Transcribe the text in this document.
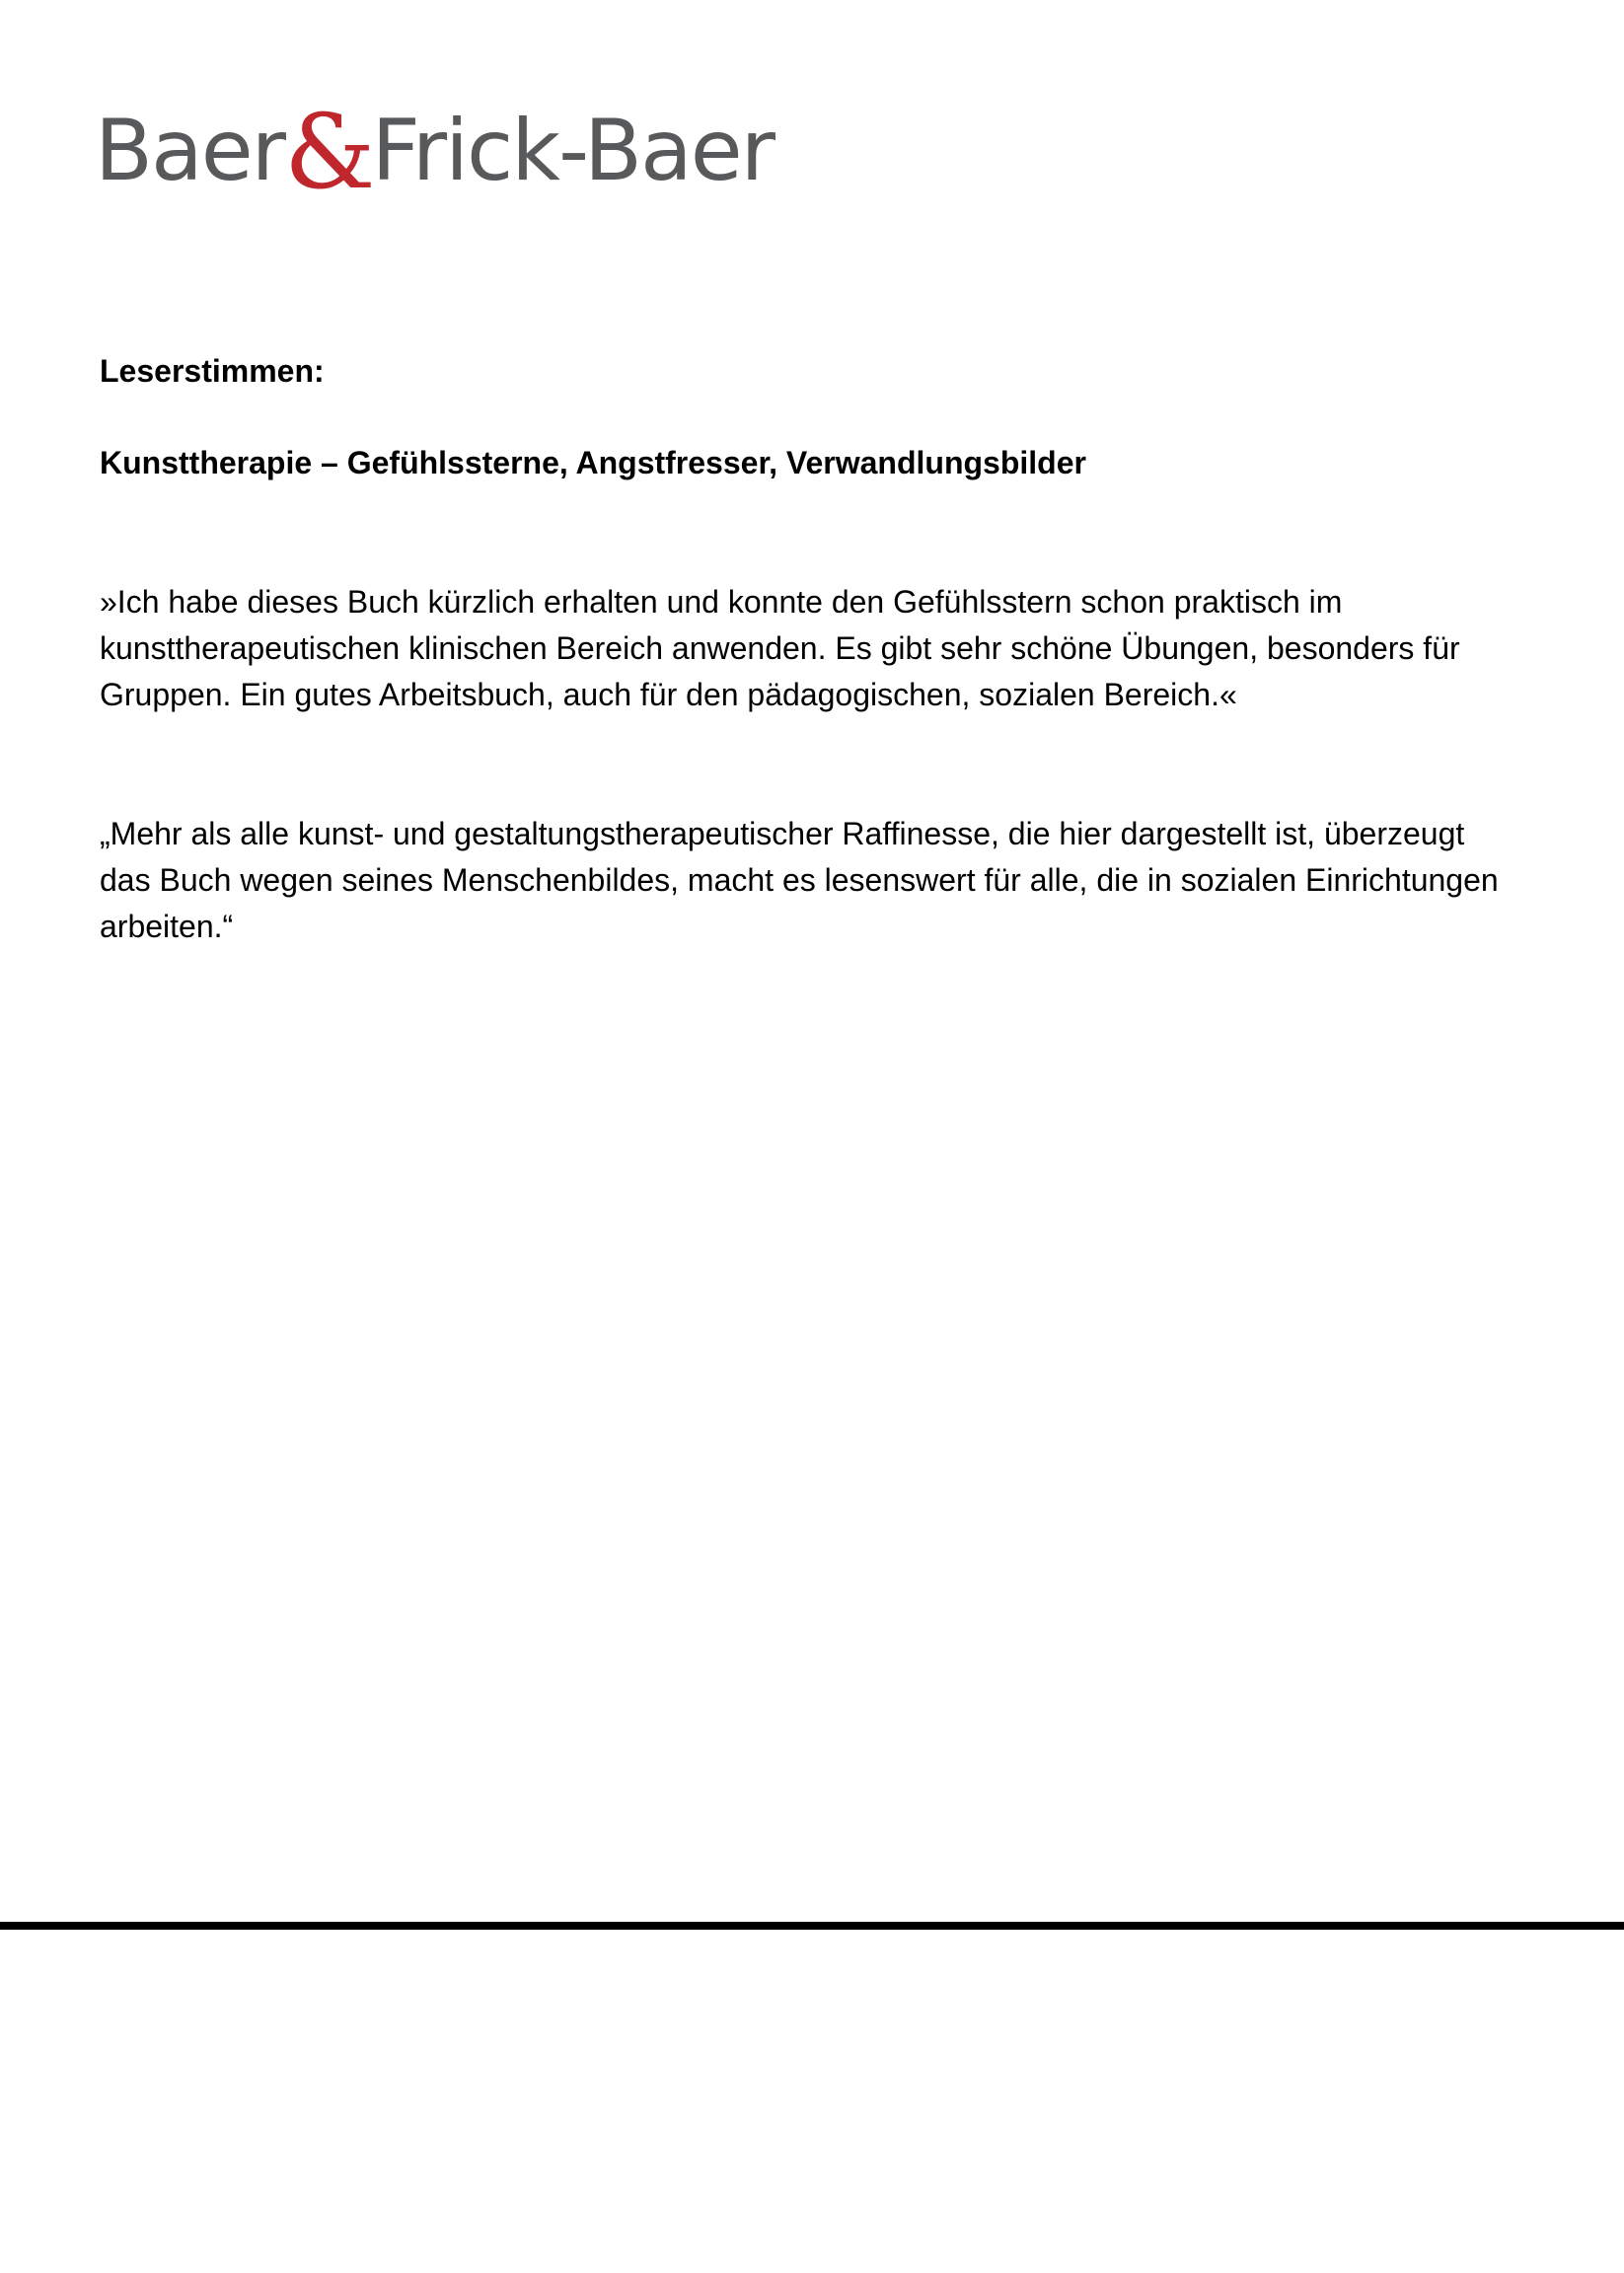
Baer &
Frick-Baer
Leserstimmen:
Kunsttherapie – Gefühlssterne, Angstfresser, Verwandlungsbilder

»Ich habe dieses Buch kürzlich erhalten und konnte den Gefühlsstern schon praktisch im kunsttherapeutischen klinischen Bereich anwenden. Es gibt sehr schöne Übungen, besonders für Gruppen. Ein gutes Arbeitsbuch, auch für den pädagogischen, sozialen Bereich.«

„Mehr als alle kunst- und gestaltungstherapeutischer Raffinesse, die hier dargestellt ist, überzeugt das Buch wegen seines Menschenbildes, macht es lesenswert für alle, die in sozialen Einrichtungen arbeiten.“
